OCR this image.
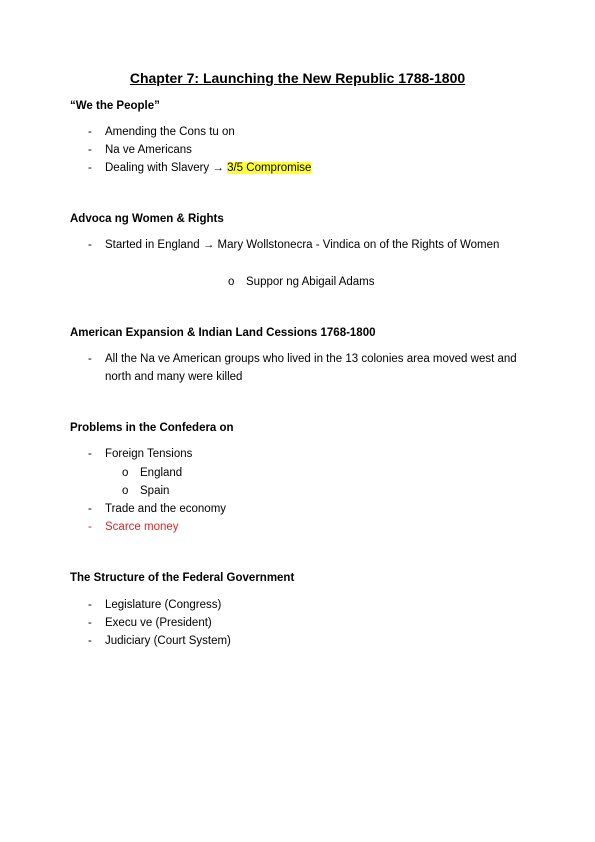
Chapter 7: Launching the New Republic 1788-1800
“We the People”
-	Amending the Cons tu on
-	Na ve Americans
-	Dealing with Slavery → 3/5 Compromise
Advoca ng Women & Rights
-	Started in England → Mary Wollstonecra - Vindica on of the Rights of Women
o	Suppor ng Abigail Adams
American Expansion & Indian Land Cessions 1768-1800
-	All the Na ve American groups who lived in the 13 colonies area moved west and north and many were killed
Problems in the Confedera on
-	Foreign Tensions
o	England
o	Spain
-	Trade and the economy
-	Scarce money
The Structure of the Federal Government
-	Legislature (Congress)
-	Execu ve (President)
-	Judiciary (Court System)
